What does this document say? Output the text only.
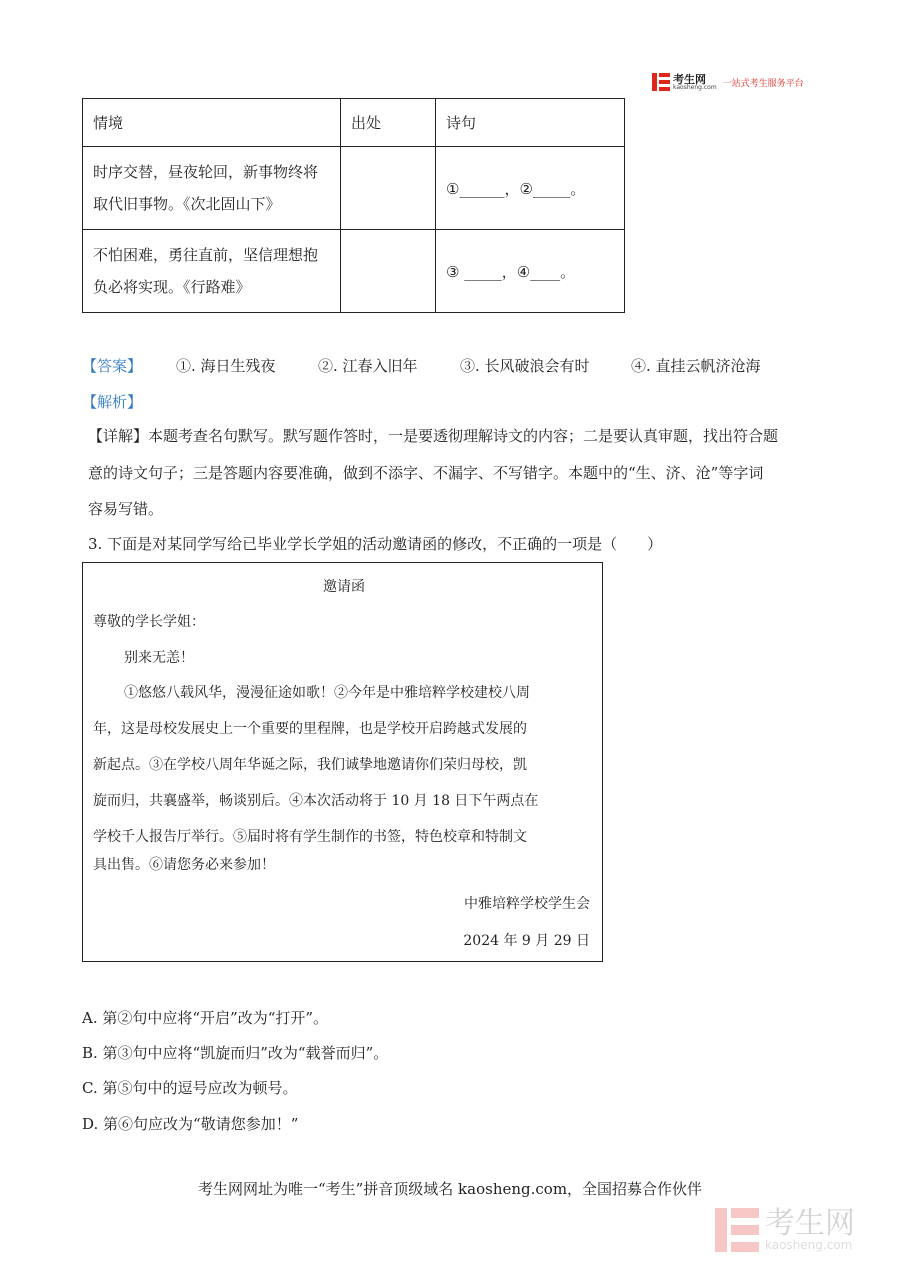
考生网
kaosheng.com 一站式考生服务平台
情境	出处	诗句

时序交替，昼夜轮回，新事物终将
取代旧事物。《次北固山下》		①______，②_____。

不怕困难，勇往直前，坚信理想抱
负必将实现。《行路难》		③ _____，④____。
【答案】 ①. 海日生残夜	②. 江春入旧年	③. 长风破浪会有时	④. 直挂云帆济沧海
【解析】
【详解】本题考查名句默写。默写题作答时，一是要透彻理解诗文的内容；二是要认真审题，找出符合题
意的诗文句子；三是答题内容要准确，做到不添字、不漏字、不写错字。本题中的“生、济、沧”等字词
容易写错。
3. 下面是对某同学写给已毕业学长学姐的活动邀请函的修改，不正确的一项是（　　）
邀请函
尊敬的学长学姐：
别来无恙！
①悠悠八载风华，漫漫征途如歌！②今年是中雅培粹学校建校八周
年，这是母校发展史上一个重要的里程牌，也是学校开启跨越式发展的
新起点。③在学校八周年华诞之际，我们诚挚地邀请你们荣归母校，凯
旋而归，共襄盛举，畅谈别后。④本次活动将于 10 月 18 日下午两点在
学校千人报告厅举行。⑤届时将有学生制作的书签，特色校章和特制文
具出售。⑥请您务必来参加！
中雅培粹学校学生会
2024 年 9 月 29 日
A. 第②句中应将“开启”改为“打开”。
B. 第③句中应将“凯旋而归”改为“载誉而归”。
C. 第⑤句中的逗号应改为顿号。
D. 第⑥句应改为“敬请您参加！”
考生网网址为唯一“考生”拼音顶级域名 kaosheng.com，全国招募合作伙伴
考生网
kaosheng.com
